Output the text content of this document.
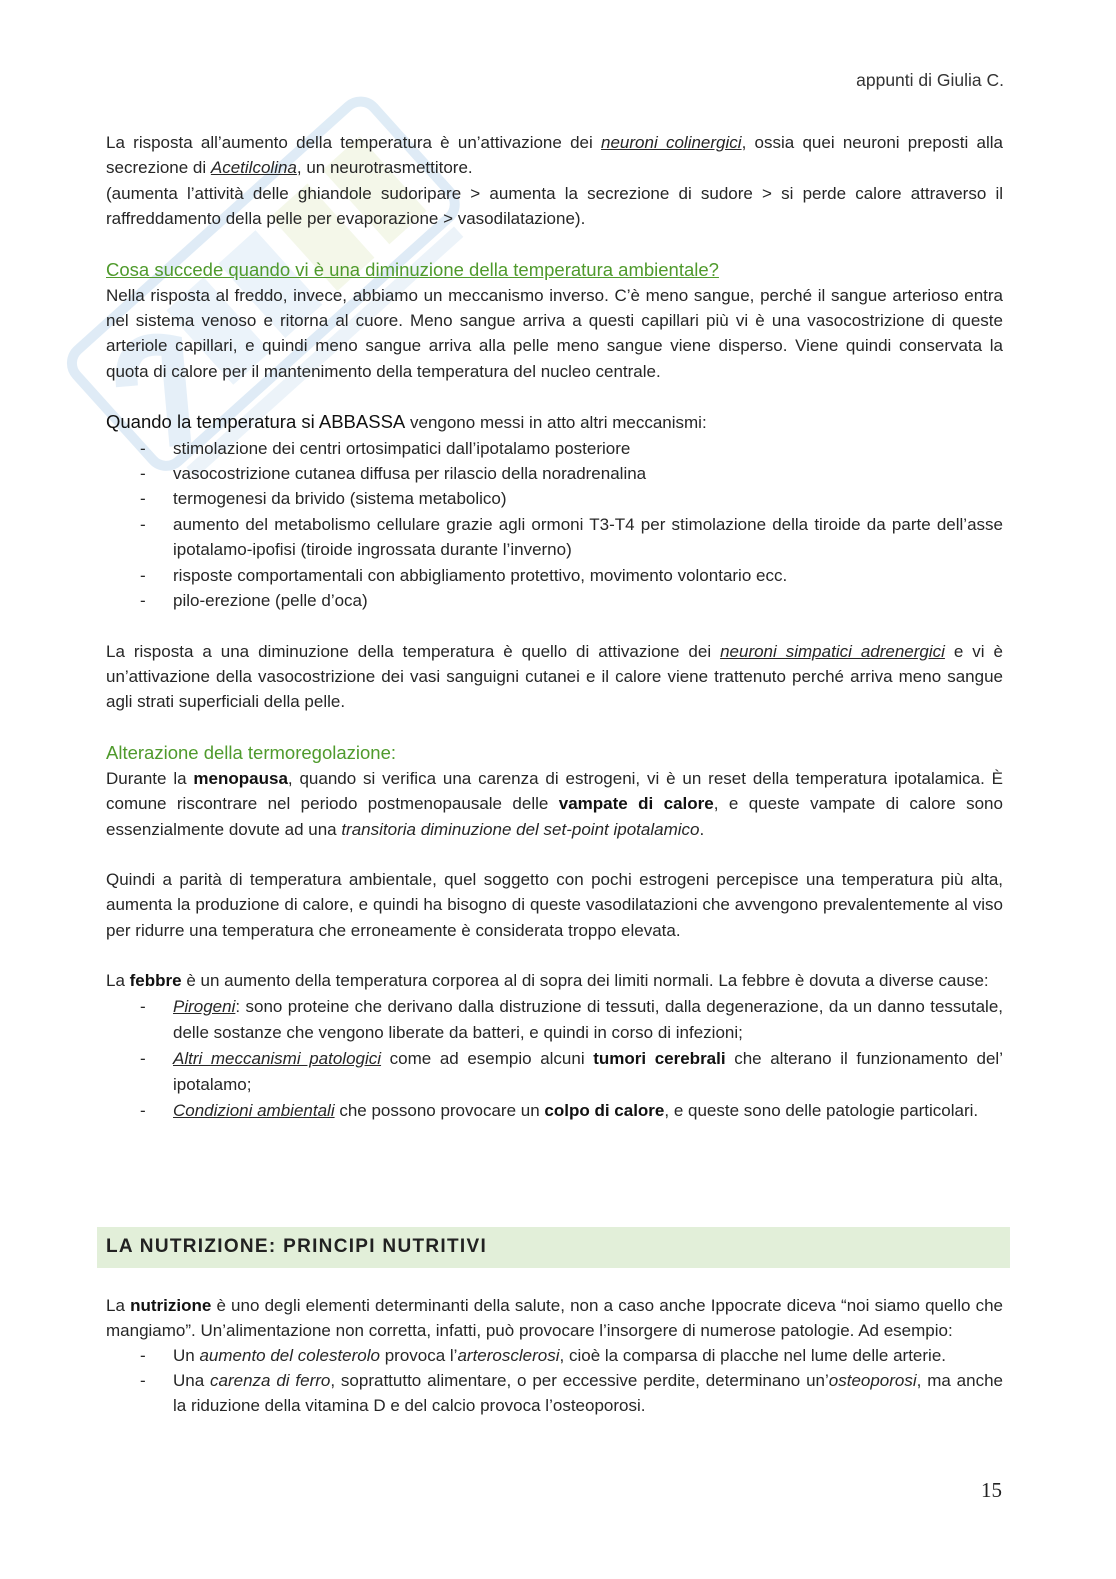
appunti di Giulia C.

La risposta all’aumento della temperatura è un’attivazione dei neuroni colinergici, ossia quei neuroni preposti alla secrezione di Acetilcolina, un neurotrasmettitore.
(aumenta l’attività delle ghiandole sudoripare > aumenta la secrezione di sudore > si perde calore attraverso il raffreddamento della pelle per evaporazione > vasodilatazione).

Cosa succede quando vi è una diminuzione della temperatura ambientale?

Nella risposta al freddo, invece, abbiamo un meccanismo inverso. C’è meno sangue, perché il sangue arterioso entra nel sistema venoso e ritorna al cuore. Meno sangue arriva a questi capillari più vi è una vasocostrizione di queste arteriole capillari, e quindi meno sangue arriva alla pelle meno sangue viene disperso. Viene quindi conservata la quota di calore per il mantenimento della temperatura del nucleo centrale.

Quando la temperatura si ABBASSA vengono messi in atto altri meccanismi:

- stimolazione dei centri ortosimpatici dall’ipotalamo posteriore
- vasocostrizione cutanea diffusa per rilascio della noradrenalina
- termogenesi da brivido (sistema metabolico)
- aumento del metabolismo cellulare grazie agli ormoni T3-T4 per stimolazione della tiroide da parte dell’asse ipotalamo-ipofisi (tiroide ingrossata durante l’inverno)
- risposte comportamentali con abbigliamento protettivo, movimento volontario ecc.
- pilo-erezione (pelle d’oca)

La risposta a una diminuzione della temperatura è quello di attivazione dei neuroni simpatici adrenergici e vi è un’attivazione della vasocostrizione dei vasi sanguigni cutanei e il calore viene trattenuto perché arriva meno sangue agli strati superficiali della pelle.

Alterazione della termoregolazione:

Durante la menopausa, quando si verifica una carenza di estrogeni, vi è un reset della temperatura ipotalamica. È comune riscontrare nel periodo postmenopausale delle vampate di calore, e queste vampate di calore sono essenzialmente dovute ad una transitoria diminuzione del set-point ipotalamico.

Quindi a parità di temperatura ambientale, quel soggetto con pochi estrogeni percepisce una temperatura più alta, aumenta la produzione di calore, e quindi ha bisogno di queste vasodilatazioni che avvengono prevalentemente al viso per ridurre una temperatura che erroneamente è considerata troppo elevata.

La febbre è un aumento della temperatura corporea al di sopra dei limiti normali. La febbre è dovuta a diverse cause:

- Pirogeni: sono proteine che derivano dalla distruzione di tessuti, dalla degenerazione, da un danno tessutale, delle sostanze che vengono liberate da batteri, e quindi in corso di infezioni;
- Altri meccanismi patologici come ad esempio alcuni tumori cerebrali che alterano il funzionamento del’ ipotalamo;
- Condizioni ambientali che possono provocare un colpo di calore, e queste sono delle patologie particolari.
LA NUTRIZIONE: PRINCIPI NUTRITIVI

La nutrizione è uno degli elementi determinanti della salute, non a caso anche Ippocrate diceva “noi siamo quello che mangiamo”. Un’alimentazione non corretta, infatti, può provocare l’insorgere di numerose patologie. Ad esempio:

- Un aumento del colesterolo provoca l’arterosclerosi, cioè la comparsa di placche nel lume delle arterie.
- Una carenza di ferro, soprattutto alimentare, o per eccessive perdite, determinano un’osteoporosi, ma anche la riduzione della vitamina D e del calcio provoca l’osteoporosi.
15
